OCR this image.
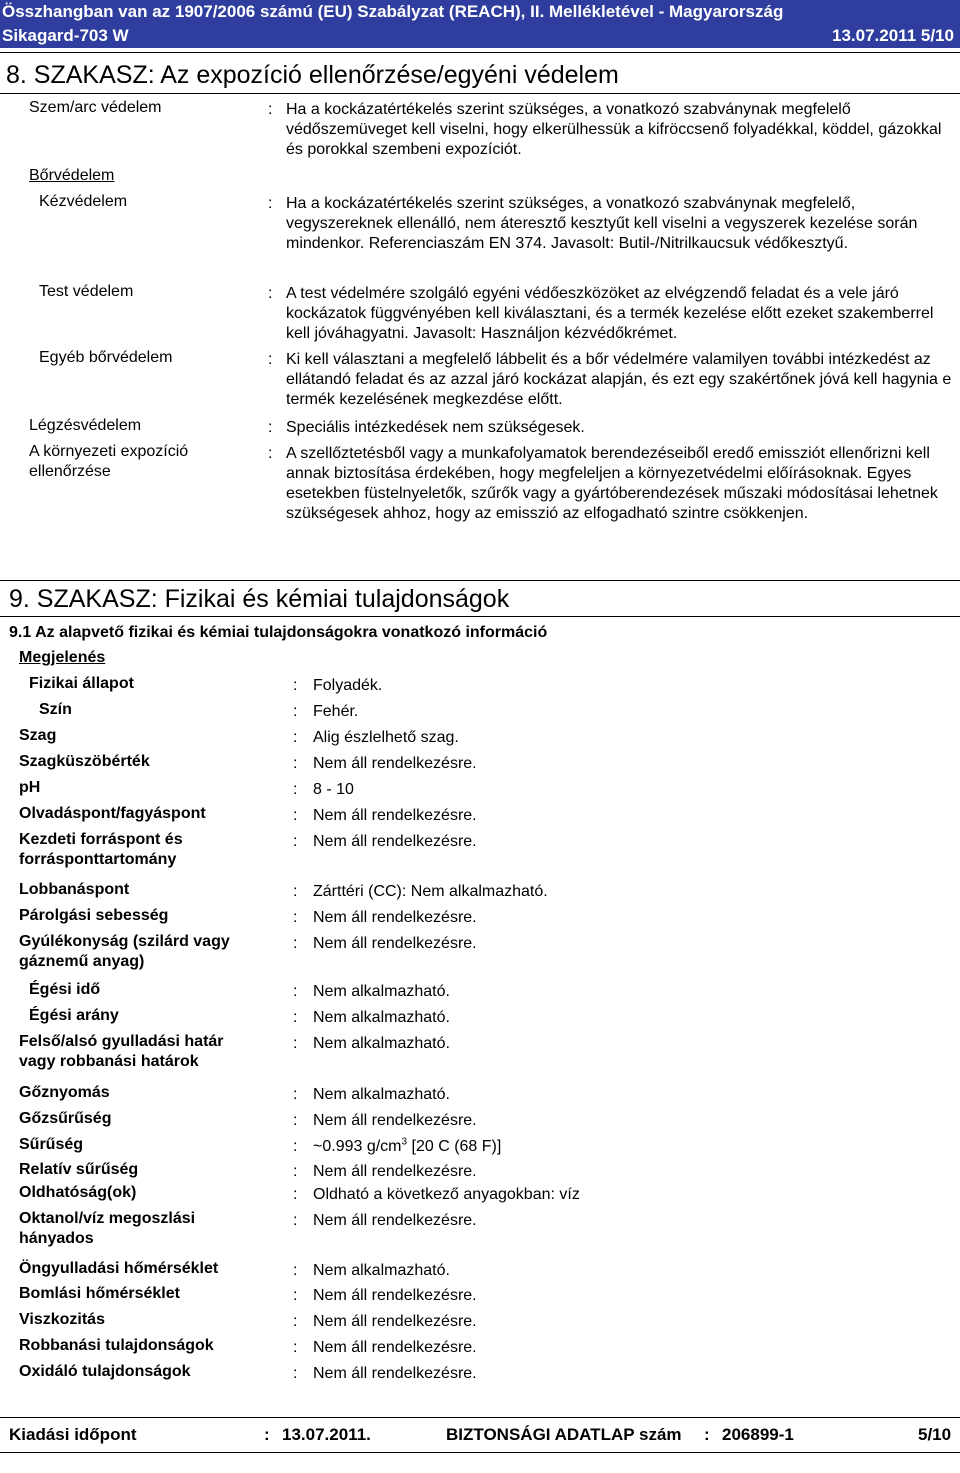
Összhangban van az 1907/2006 számú (EU) Szabályzat (REACH), II. Mellékletével - Magyarország
Sikagard-703 W	13.07.2011 5/10
8. SZAKASZ: Az expozíció ellenőrzése/egyéni védelem
Szem/arc védelem	: Ha a kockázatértékelés szerint szükséges, a vonatkozó szabványnak megfelelő védőszemüveget kell viselni, hogy elkerülhessük a kifröccsenő folyadékkal, köddel, gázokkal és porokkal szembeni expozíciót.
Bőrvédelem
Kézvédelem	: Ha a kockázatértékelés szerint szükséges, a vonatkozó szabványnak megfelelő, vegyszereknek ellenálló, nem áteresztő kesztyűt kell viselni a vegyszerek kezelése során mindenkor. Referenciaszám EN 374. Javasolt: Butil-/Nitrilkaucsuk védőkesztyű.
Test védelem	: A test védelmére szolgáló egyéni védőeszközöket az elvégzendő feladat és a vele járó kockázatok függvényében kell kiválasztani, és a termék kezelése előtt ezeket szakemberrel kell jóváhagyatni. Javasolt: Használjon kézvédőkrémet.
Egyéb bőrvédelem	: Ki kell választani a megfelelő lábbelit és a bőr védelmére valamilyen további intézkedést az ellátandó feladat és az azzal járó kockázat alapján, és ezt egy szakértőnek jóvá kell hagynia e termék kezelésének megkezdése előtt.
Légzésvédelem	: Speciális intézkedések nem szükségesek.
A környezeti expozíció ellenőrzése
: A szellőztetésből vagy a munkafolyamatok berendezéseiből eredő emissziót ellenőrizni kell annak biztosítása érdekében, hogy megfeleljen a környezetvédelmi előírásoknak. Egyes esetekben füstelnyeletők, szűrők vagy a gyártóberendezések műszaki módosításai lehetnek szükségesek ahhoz, hogy az emisszió az elfogadható szintre csökkenjen.
9. SZAKASZ: Fizikai és kémiai tulajdonságok
9.1 Az alapvető fizikai és kémiai tulajdonságokra vonatkozó információ
Megjelenés
Fizikai állapot	: Folyadék.
Szín	: Fehér.
Szag	: Alig észlelhető szag.
Szagküszöbérték	: Nem áll rendelkezésre.
pH	: 8 - 10
Olvadáspont/fagyáspont	: Nem áll rendelkezésre.
Kezdeti forráspont és forrásponttartomány
: Nem áll rendelkezésre.
Lobbanáspont	: Zárttéri (CC): Nem alkalmazható.
Párolgási sebesség	: Nem áll rendelkezésre.
Gyúlékonyság (szilárd vagy gáznemű anyag)
: Nem áll rendelkezésre.
Égési idő	: Nem alkalmazható.
Égési arány	: Nem alkalmazható.
Felső/alsó gyulladási határ vagy robbanási határok
: Nem alkalmazható.
Gőznyomás	: Nem alkalmazható.
Gőzsűrűség	: Nem áll rendelkezésre.
Sűrűség	: ~0.993 $g/cm^3$ [20 C (68 F)]
Relatív sűrűség	: Nem áll rendelkezésre.
Oldhatóság(ok)	: Oldható a következő anyagokban: víz
Oktanol/víz megoszlási hányados
: Nem áll rendelkezésre.
Öngyulladási hőmérséklet	: Nem alkalmazható.
Bomlási hőmérséklet	: Nem áll rendelkezésre.
Viszkozitás	: Nem áll rendelkezésre.
Robbanási tulajdonságok	: Nem áll rendelkezésre.
Oxidáló tulajdonságok	: Nem áll rendelkezésre.
Kiadási időpont	: 13.07.2011.	BIZTONSÁGI ADATLAP szám : 206899-1	5/10
